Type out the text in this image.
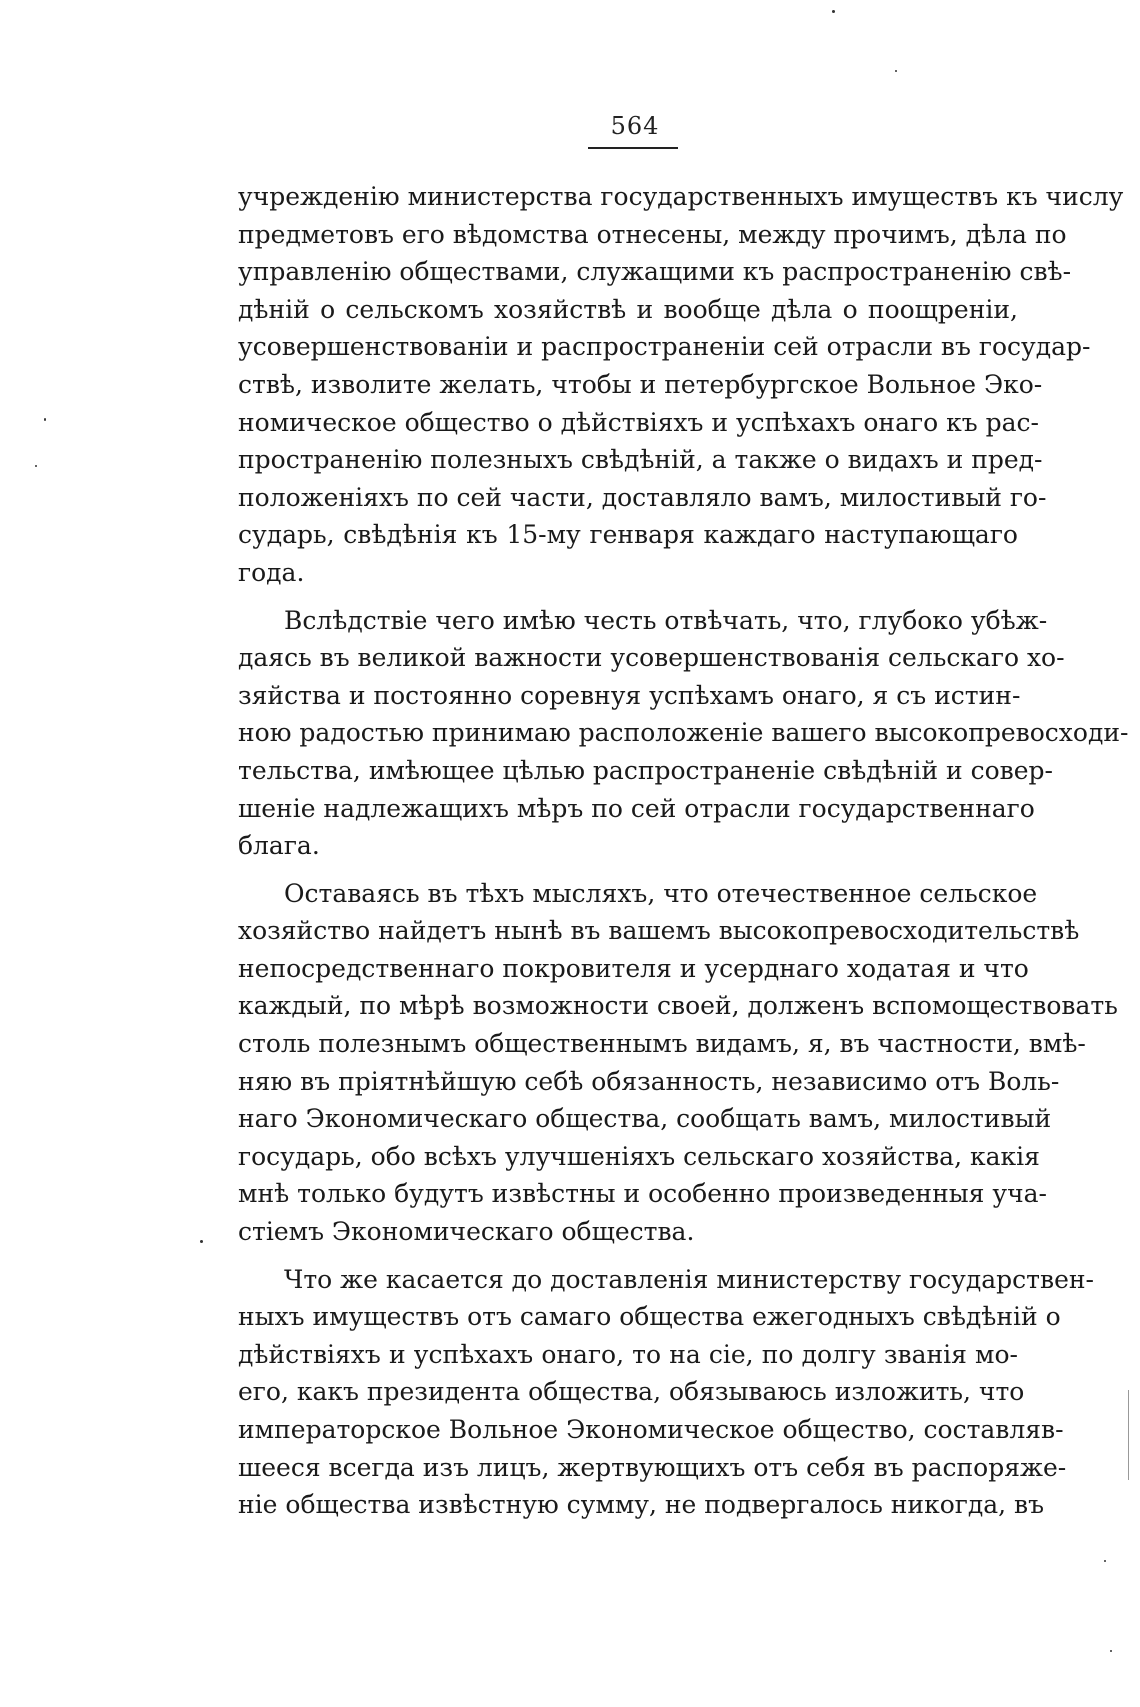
564
учрежденію министерства государственныхъ имуществъ къ числу
предметовъ его вѣдомства отнесены, между прочимъ, дѣла по
управленію обществами, служащими къ распространенію свѣ-
дѣній о сельскомъ хозяйствѣ и вообще дѣла о поощреніи,
усовершенствованіи и распространеніи сей отрасли въ государ-
ствѣ, изволите желать, чтобы и петербургское Вольное Эко-
номическое общество о дѣйствіяхъ и успѣхахъ онаго къ рас-
пространенію полезныхъ свѣдѣній, а также о видахъ и пред-
положеніяхъ по сей части, доставляло вамъ, милостивый го-
сударь, свѣдѣнія къ 15-му генваря каждаго наступающаго
года.
Вслѣдствіе чего имѣю честь отвѣчать, что, глубоко убѣж-
даясь въ великой важности усовершенствованія сельскаго хо-
зяйства и постоянно соревнуя успѣхамъ онаго, я съ истин-
ною радостью принимаю расположеніе вашего высокопревосходи-
тельства, имѣющее цѣлью распространеніе свѣдѣній и совер-
шеніе надлежащихъ мѣръ по сей отрасли государственнаго
блага.
Оставаясь въ тѣхъ мысляхъ, что отечественное сельское
хозяйство найдетъ нынѣ въ вашемъ высокопревосходительствѣ
непосредственнаго покровителя и усерднаго ходатая и что
каждый, по мѣрѣ возможности своей, долженъ вспомоществовать
столь полезнымъ общественнымъ видамъ, я, въ частности, вмѣ-
няю въ пріятнѣйшую себѣ обязанность, независимо отъ Воль-
наго Экономическаго общества, сообщать вамъ, милостивый
государь, обо всѣхъ улучшеніяхъ сельскаго хозяйства, какія
мнѣ только будутъ извѣстны и особенно произведенныя уча-
стіемъ Экономическаго общества.
Что же касается до доставленія министерству государствен-
ныхъ имуществъ отъ самаго общества ежегодныхъ свѣдѣній о
дѣйствіяхъ и успѣхахъ онаго, то на сіе, по долгу званія мо-
его, какъ президента общества, обязываюсь изложить, что
императорское Вольное Экономическое общество, составляв-
шееся всегда изъ лицъ, жертвующихъ отъ себя въ распоряже-
ніе общества извѣстную сумму, не подвергалось никогда, въ
